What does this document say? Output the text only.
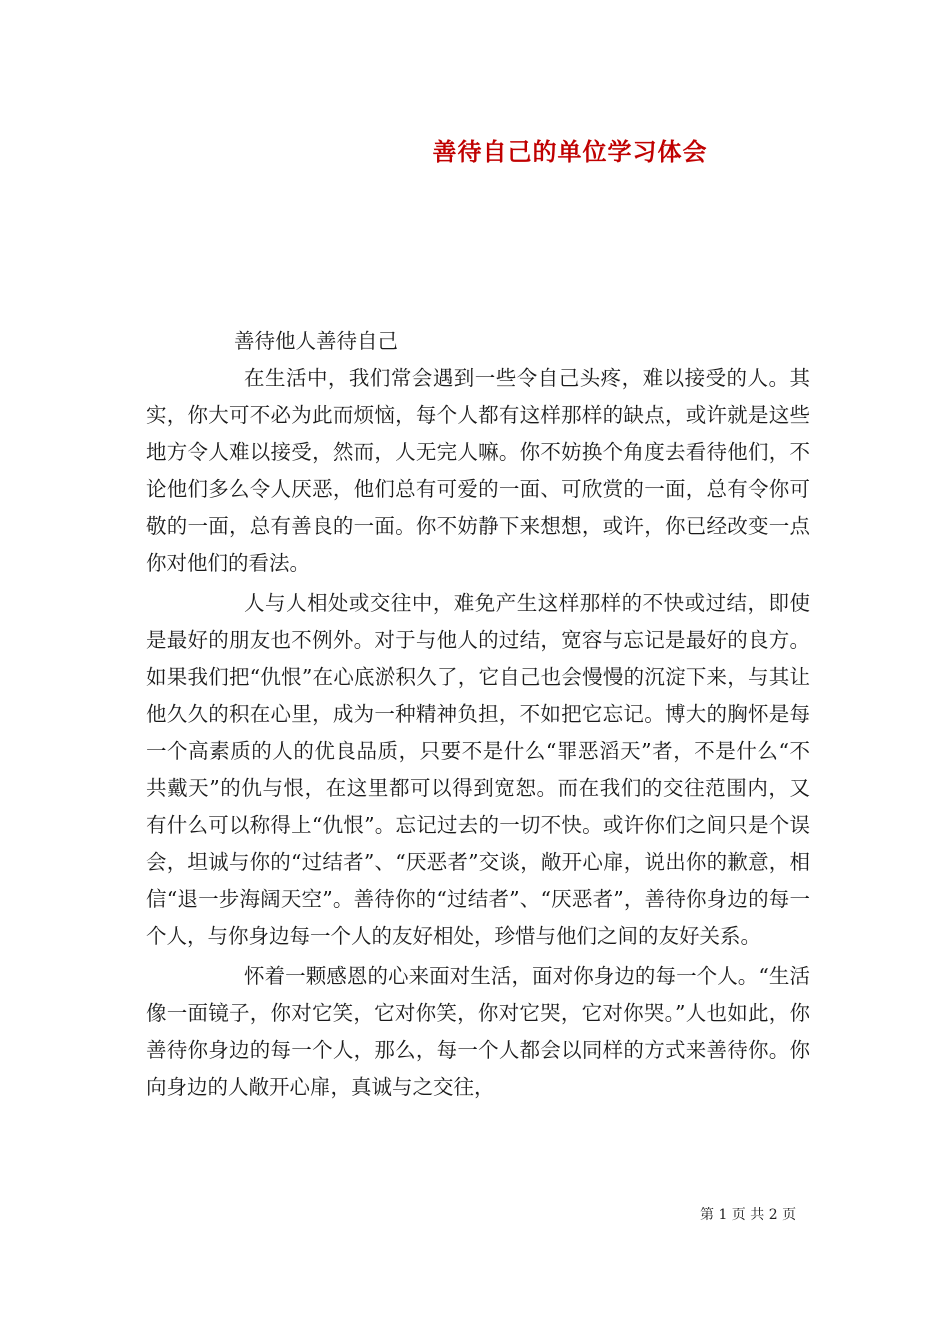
善待自己的单位学习体会

善待他人善待自己

在生活中，我们常会遇到一些令自己头疼，难以接受的人。其实，你大可不必为此而烦恼，每个人都有这样那样的缺点，或许就是这些地方令人难以接受，然而，人无完人嘛。你不妨换个角度去看待他们，不论他们多么令人厌恶，他们总有可爱的一面、可欣赏的一面，总有令你可敬的一面，总有善良的一面。你不妨静下来想想，或许，你已经改变一点你对他们的看法。

人与人相处或交往中，难免产生这样那样的不快或过结，即使是最好的朋友也不例外。对于与他人的过结，宽容与忘记是最好的良方。如果我们把“仇恨”在心底淤积久了，它自己也会慢慢的沉淀下来，与其让他久久的积在心里，成为一种精神负担，不如把它忘记。博大的胸怀是每一个高素质的人的优良品质，只要不是什么“罪恶滔天”者，不是什么“不共戴天”的仇与恨，在这里都可以得到宽恕。而在我们的交往范围内，又有什么可以称得上“仇恨”。忘记过去的一切不快。或许你们之间只是个误会，坦诚与你的“过结者”、“厌恶者”交谈，敞开心扉，说出你的歉意，相信“退一步海阔天空”。善待你的“过结者”、“厌恶者”，善待你身边的每一个人，与你身边每一个人的友好相处，珍惜与他们之间的友好关系。

怀着一颗感恩的心来面对生活，面对你身边的每一个人。“生活像一面镜子，你对它笑，它对你笑，你对它哭，它对你哭。”人也如此，你善待你身边的每一个人，那么，每一个人都会以同样的方式来善待你。你向身边的人敞开心扉，真诚与之交往，

第 1 页 共 2 页
